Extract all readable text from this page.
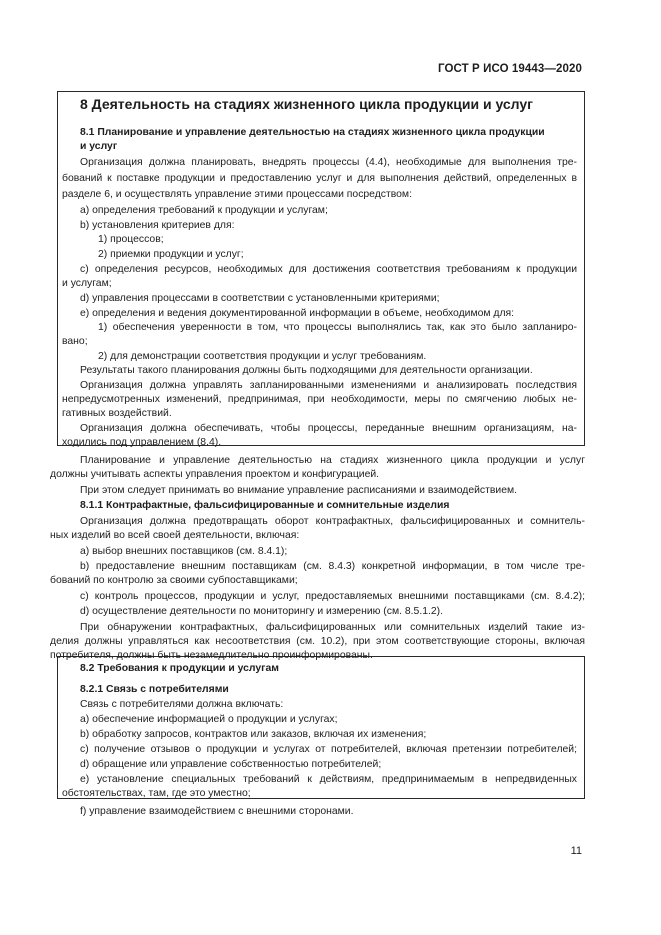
ГОСТ Р ИСО 19443—2020
8 Деятельность на стадиях жизненного цикла продукции и услуг
8.1 Планирование и управление деятельностью на стадиях жизненного цикла продукции
и услуг
Организация должна планировать, внедрять процессы (4.4), необходимые для выполнения тре-
бований к поставке продукции и предоставлению услуг и для выполнения действий, определенных в
разделе 6, и осуществлять управление этими процессами посредством:
a) определения требований к продукции и услугам;
b) установления критериев для:
1) процессов;
2) приемки продукции и услуг;
c) определения ресурсов, необходимых для достижения соответствия требованиям к продукции
и услугам;
d) управления процессами в соответствии с установленными критериями;
e) определения и ведения документированной информации в объеме, необходимом для:
1) обеспечения уверенности в том, что процессы выполнялись так, как это было запланиро-
вано;
2) для демонстрации соответствия продукции и услуг требованиям.
Результаты такого планирования должны быть подходящими для деятельности организации.
Организация должна управлять запланированными изменениями и анализировать последствия
непредусмотренных изменений, предпринимая, при необходимости, меры по смягчению любых не-
гативных воздействий.
Организация должна обеспечивать, чтобы процессы, переданные внешним организациям, на-
ходились под управлением (8.4).
Планирование и управление деятельностью на стадиях жизненного цикла продукции и услуг
должны учитывать аспекты управления проектом и конфигурацией.
При этом следует принимать во внимание управление расписаниями и взаимодействием.
8.1.1 Контрафактные, фальсифицированные и сомнительные изделия
Организация должна предотвращать оборот контрафактных, фальсифицированных и сомнитель-
ных изделий во всей своей деятельности, включая:
a) выбор внешних поставщиков (см. 8.4.1);
b) предоставление внешним поставщикам (см. 8.4.3) конкретной информации, в том числе тре-
бований по контролю за своими субпоставщиками;
c) контроль процессов, продукции и услуг, предоставляемых внешними поставщиками (см. 8.4.2);
d) осуществление деятельности по мониторингу и измерению (см. 8.5.1.2).
При обнаружении контрафактных, фальсифицированных или сомнительных изделий такие из-
делия должны управляться как несоответствия (см. 10.2), при этом соответствующие стороны, включая
потребителя, должны быть незамедлительно проинформированы.
8.2 Требования к продукции и услугам
8.2.1 Связь с потребителями
Связь с потребителями должна включать:
a) обеспечение информацией о продукции и услугах;
b) обработку запросов, контрактов или заказов, включая их изменения;
c) получение отзывов о продукции и услугах от потребителей, включая претензии потребителей;
d) обращение или управление собственностью потребителей;
e) установление специальных требований к действиям, предпринимаемым в непредвиденных
обстоятельствах, там, где это уместно;
f) управление взаимодействием с внешними сторонами.
11
